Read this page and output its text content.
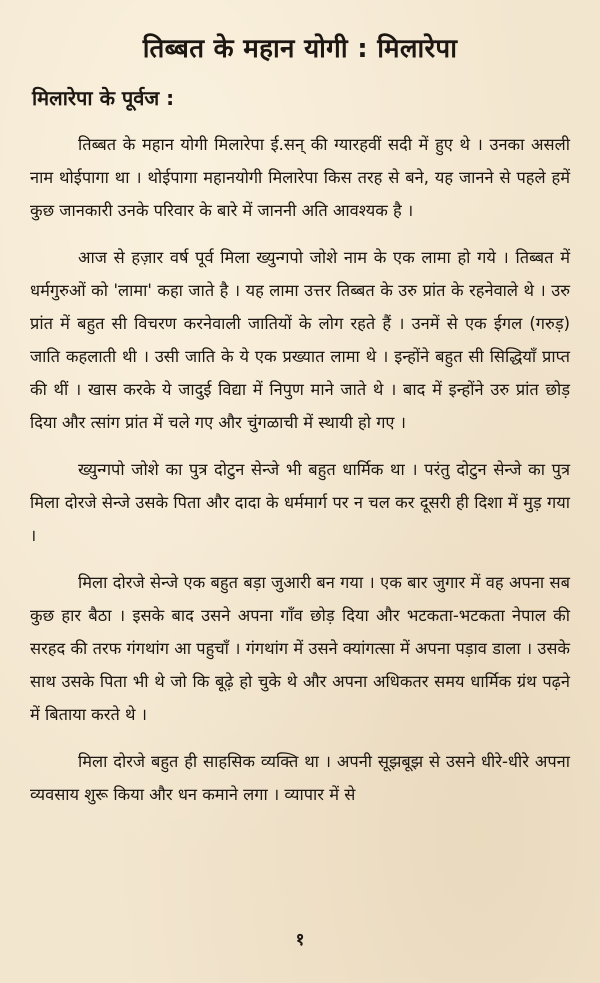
तिब्बत के महान योगी : मिलारेपा
मिलारेपा के पूर्वज :

तिब्बत के महान योगी मिलारेपा ई.सन् की ग्यारहवीं सदी में हुए थे । उनका असली नाम थोईपागा था । थोईपागा महानयोगी मिलारेपा किस तरह से बने, यह जानने से पहले हमें कुछ जानकारी उनके परिवार के बारे में जाननी अति आवश्यक है ।

आज से हज़ार वर्ष पूर्व मिला ख्युन्गपो जोशे नाम के एक लामा हो गये । तिब्बत में धर्मगुरुओं को 'लामा' कहा जाते है । यह लामा उत्तर तिब्बत के उरु प्रांत के रहनेवाले थे । उरु प्रांत में बहुत सी विचरण करनेवाली जातियों के लोग रहते हैं । उनमें से एक ईगल (गरुड़) जाति कहलाती थी । उसी जाति के ये एक प्रख्यात लामा थे । इन्होंने बहुत सी सिद्धियाँ प्राप्त की थीं । खास करके ये जादुई विद्या में निपुण माने जाते थे । बाद में इन्होंने उरु प्रांत छोड़ दिया और त्सांग प्रांत में चले गए और चुंगळाची में स्थायी हो गए ।

ख्युन्गपो जोशे का पुत्र दोटुन सेन्जे भी बहुत धार्मिक था । परंतु दोटुन सेन्जे का पुत्र मिला दोरजे सेन्जे उसके पिता और दादा के धर्ममार्ग पर न चल कर दूसरी ही दिशा में मुड़ गया ।

मिला दोरजे सेन्जे एक बहुत बड़ा जुआरी बन गया । एक बार जुगार में वह अपना सब कुछ हार बैठा । इसके बाद उसने अपना गाँव छोड़ दिया और भटकता-भटकता नेपाल की सरहद की तरफ गंगथांग आ पहुचाँ । गंगथांग में उसने क्यांगत्सा में अपना पड़ाव डाला । उसके साथ उसके पिता भी थे जो कि बूढ़े हो चुके थे और अपना अधिकतर समय धार्मिक ग्रंथ पढ़ने में बिताया करते थे ।

मिला दोरजे बहुत ही साहसिक व्यक्ति था । अपनी सूझबूझ से उसने धीरे-धीरे अपना व्यवसाय शुरू किया और धन कमाने लगा । व्यापार में से

१
